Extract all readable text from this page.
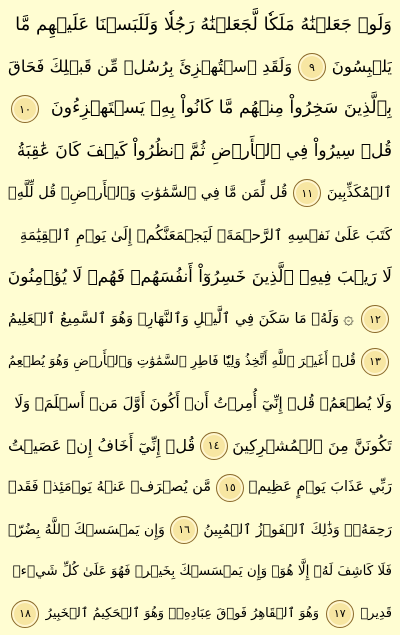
وَلَوۡ جَعَلۡنَٰهُ مَلَكٗا لَّجَعَلۡنَٰهُ رَجُلٗا وَلَلَبَسۡنَا عَلَيۡهِم مَّا
يَلۡبِسُونَ
٩
وَلَقَدِ ٱسۡتُهۡزِئَ بِرُسُلٖ مِّن قَبۡلِكَ فَحَاقَ
بِٱلَّذِينَ سَخِرُواْ مِنۡهُم مَّا كَانُواْ بِهِۦ يَسۡتَهۡزِءُونَ
١٠
قُلۡ سِيرُواْ فِي ٱلۡأَرۡضِ ثُمَّ ٱنظُرُواْ كَيۡفَ كَانَ عَٰقِبَةُ
ٱلۡمُكَذِّبِينَ
١١
قُل لِّمَن مَّا فِي ٱلسَّمَٰوَٰتِ وَٱلۡأَرۡضِۖ قُل لِّلَّهِۚ
كَتَبَ عَلَىٰ نَفۡسِهِ ٱلرَّحۡمَةَۚ لَيَجۡمَعَنَّكُمۡ إِلَىٰ يَوۡمِ ٱلۡقِيَٰمَةِ
لَا رَيۡبَ فِيهِۚ ٱلَّذِينَ خَسِرُوٓاْ أَنفُسَهُمۡ فَهُمۡ لَا يُؤۡمِنُونَ
١٢
۞
وَلَهُۥ مَا سَكَنَ فِي ٱلَّيۡلِ وَٱلنَّهَارِۚ وَهُوَ ٱلسَّمِيعُ ٱلۡعَلِيمُ
١٣
قُلۡ أَغَيۡرَ ٱللَّهِ أَتَّخِذُ وَلِيّٗا فَاطِرِ ٱلسَّمَٰوَٰتِ وَٱلۡأَرۡضِ وَهُوَ يُطۡعِمُ
وَلَا يُطۡعَمُۗ قُلۡ إِنِّيٓ أُمِرۡتُ أَنۡ أَكُونَ أَوَّلَ مَنۡ أَسۡلَمَۖ وَلَا
تَكُونَنَّ مِنَ ٱلۡمُشۡرِكِينَ
١٤
قُلۡ إِنِّيٓ أَخَافُ إِنۡ عَصَيۡتُ
رَبِّي عَذَابَ يَوۡمٍ عَظِيمٖ
١٥
مَّن يُصۡرَفۡ عَنۡهُ يَوۡمَئِذٖ فَقَدۡ
رَحِمَهُۥۚ وَذَٰلِكَ ٱلۡفَوۡزُ ٱلۡمُبِينُ
١٦
وَإِن يَمۡسَسۡكَ ٱللَّهُ بِضُرّٖ
فَلَا كَاشِفَ لَهُۥٓ إِلَّا هُوَۖ وَإِن يَمۡسَسۡكَ بِخَيۡرٖ فَهُوَ عَلَىٰ كُلِّ شَيۡءٖ
قَدِيرٞ
١٧
وَهُوَ ٱلۡقَاهِرُ فَوۡقَ عِبَادِهِۦۚ وَهُوَ ٱلۡحَكِيمُ ٱلۡخَبِيرُ
١٨
